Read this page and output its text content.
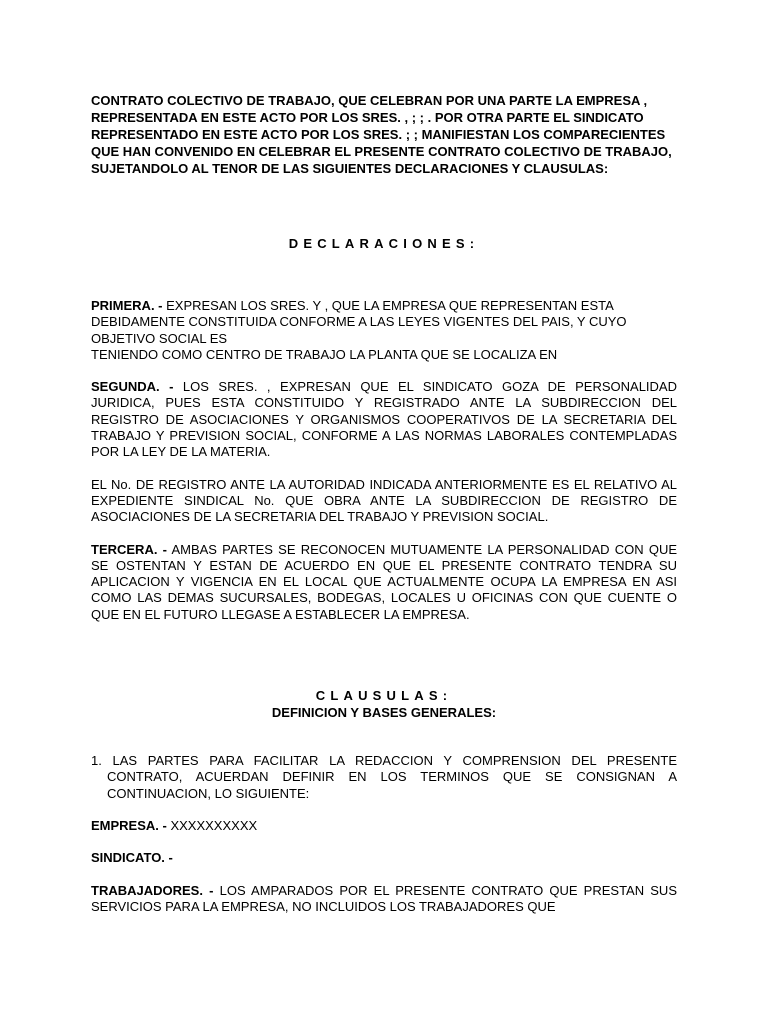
CONTRATO COLECTIVO DE TRABAJO, QUE CELEBRAN POR UNA PARTE LA EMPRESA , REPRESENTADA EN ESTE ACTO POR LOS SRES. , ; ; . POR OTRA PARTE EL SINDICATO REPRESENTADO EN ESTE ACTO POR LOS SRES. ; ; MANIFIESTAN LOS COMPARECIENTES QUE HAN CONVENIDO EN CELEBRAR EL PRESENTE CONTRATO COLECTIVO DE TRABAJO, SUJETANDOLO AL TENOR DE LAS SIGUIENTES DECLARACIONES Y CLAUSULAS:

DECLARACIONES:

PRIMERA. - EXPRESAN LOS SRES. Y , QUE LA EMPRESA QUE REPRESENTAN ESTA DEBIDAMENTE CONSTITUIDA CONFORME A LAS LEYES VIGENTES DEL PAIS, Y CUYO OBJETIVO SOCIAL ES
TENIENDO COMO CENTRO DE TRABAJO LA PLANTA QUE SE LOCALIZA EN

SEGUNDA. - LOS SRES. , EXPRESAN QUE EL SINDICATO GOZA DE PERSONALIDAD JURIDICA, PUES ESTA CONSTITUIDO Y REGISTRADO ANTE LA SUBDIRECCION DEL REGISTRO DE ASOCIACIONES Y ORGANISMOS COOPERATIVOS DE LA SECRETARIA DEL TRABAJO Y PREVISION SOCIAL, CONFORME A LAS NORMAS LABORALES CONTEMPLADAS POR LA LEY DE LA MATERIA.

EL No. DE REGISTRO ANTE LA AUTORIDAD INDICADA ANTERIORMENTE ES EL RELATIVO AL EXPEDIENTE SINDICAL No. QUE OBRA ANTE LA SUBDIRECCION DE REGISTRO DE ASOCIACIONES DE LA SECRETARIA DEL TRABAJO Y PREVISION SOCIAL.

TERCERA. - AMBAS PARTES SE RECONOCEN MUTUAMENTE LA PERSONALIDAD CON QUE SE OSTENTAN Y ESTAN DE ACUERDO EN QUE EL PRESENTE CONTRATO TENDRA SU APLICACION Y VIGENCIA EN EL LOCAL QUE ACTUALMENTE OCUPA LA EMPRESA EN ASI COMO LAS DEMAS SUCURSALES, BODEGAS, LOCALES U OFICINAS CON QUE CUENTE O QUE EN EL FUTURO LLEGASE A ESTABLECER LA EMPRESA.

CLAUSULAS:

DEFINICION Y BASES GENERALES:

1. LAS PARTES PARA FACILITAR LA REDACCION Y COMPRENSION DEL PRESENTE CONTRATO, ACUERDAN DEFINIR EN LOS TERMINOS QUE SE CONSIGNAN A CONTINUACION, LO SIGUIENTE:

EMPRESA. - XXXXXXXXXX

SINDICATO. -

TRABAJADORES. - LOS AMPARADOS POR EL PRESENTE CONTRATO QUE PRESTAN SUS SERVICIOS PARA LA EMPRESA, NO INCLUIDOS LOS TRABAJADORES QUE
